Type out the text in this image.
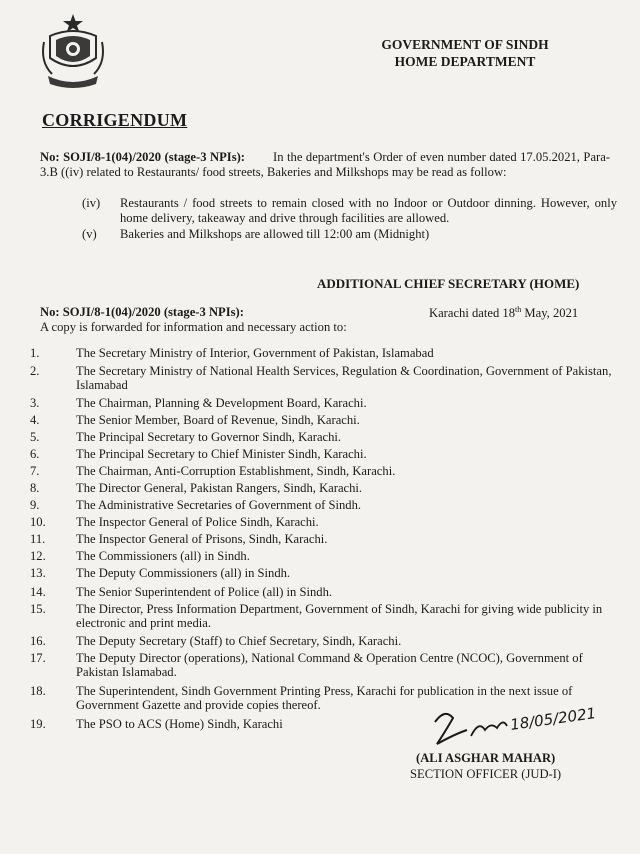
GOVERNMENT OF SINDH
HOME DEPARTMENT
CORRIGENDUM
No: SOJI/8-1(04)/2020 (stage-3 NPIs): In the department's Order of even number dated 17.05.2021, Para-3.B ((iv) related to Restaurants/ food streets, Bakeries and Milkshops may be read as follow:
(iv) Restaurants / food streets to remain closed with no Indoor or Outdoor dinning. However, only home delivery, takeaway and drive through facilities are allowed.
(v) Bakeries and Milkshops are allowed till 12:00 am (Midnight)
ADDITIONAL CHIEF SECRETARY (HOME)
No: SOJI/8-1(04)/2020 (stage-3 NPIs):	Karachi dated 18th May, 2021
A copy is forwarded for information and necessary action to:
1.	The Secretary Ministry of Interior, Government of Pakistan, Islamabad
2.	The Secretary Ministry of National Health Services, Regulation & Coordination, Government of Pakistan, Islamabad
3.	The Chairman, Planning & Development Board, Karachi.
4.	The Senior Member, Board of Revenue, Sindh, Karachi.
5.	The Principal Secretary to Governor Sindh, Karachi.
6.	The Principal Secretary to Chief Minister Sindh, Karachi.
7.	The Chairman, Anti-Corruption Establishment, Sindh, Karachi.
8.	The Director General, Pakistan Rangers, Sindh, Karachi.
9.	The Administrative Secretaries of Government of Sindh.
10.	The Inspector General of Police Sindh, Karachi.
11.	The Inspector General of Prisons, Sindh, Karachi.
12.	The Commissioners (all) in Sindh.
13.	The Deputy Commissioners (all) in Sindh.
14.	The Senior Superintendent of Police (all) in Sindh.
15.	The Director, Press Information Department, Government of Sindh, Karachi for giving wide publicity in electronic and print media.
16.	The Deputy Secretary (Staff) to Chief Secretary, Sindh, Karachi.
17.	The Deputy Director (operations), National Command & Operation Centre (NCOC), Government of Pakistan Islamabad.
18.	The Superintendent, Sindh Government Printing Press, Karachi for publication in the next issue of Government Gazette and provide copies thereof.
19.	The PSO to ACS (Home) Sindh, Karachi	18/05/2021
(ALI ASGHAR MAHAR)
SECTION OFFICER (JUD-I)
